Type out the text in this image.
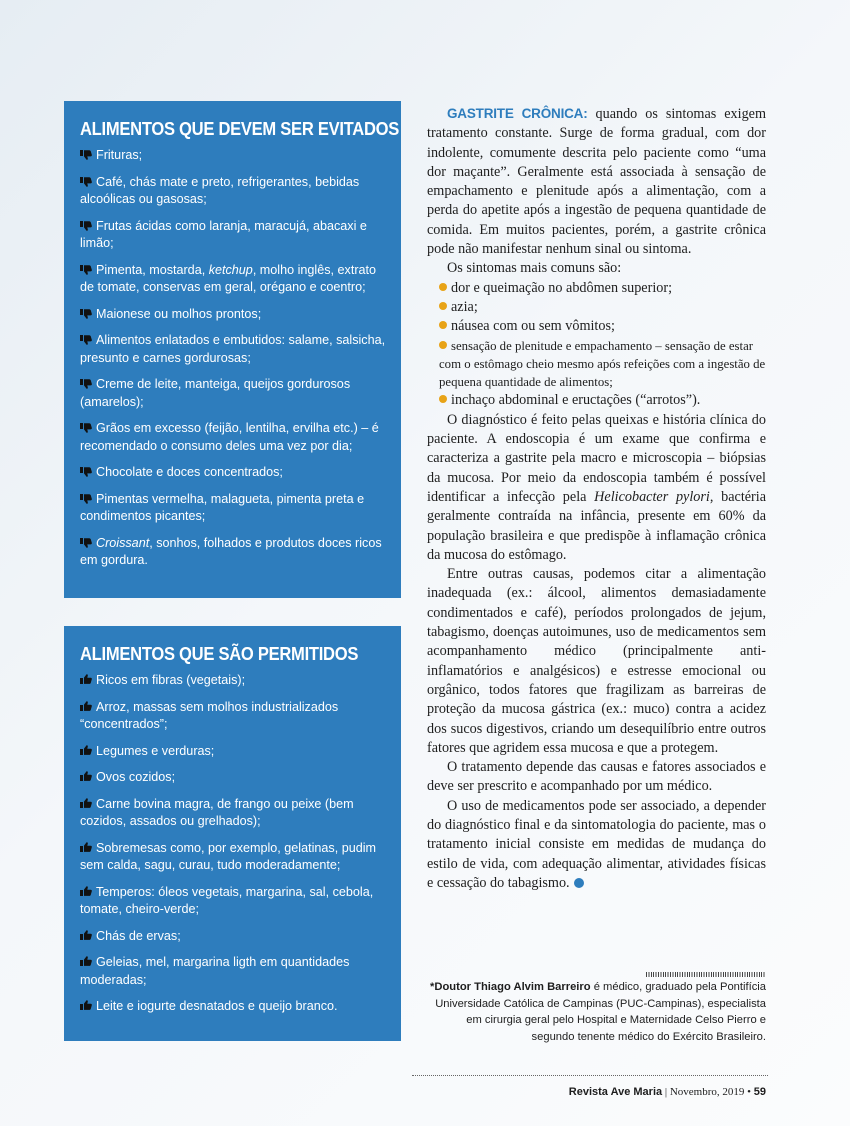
ALIMENTOS QUE DEVEM SER EVITADOS
Frituras;
Café, chás mate e preto, refrigerantes, bebidas alcoólicas ou gasosas;
Frutas ácidas como laranja, maracujá, abacaxi e limão;
Pimenta, mostarda, ketchup, molho inglês, extrato de tomate, conservas em geral, orégano e coentro;
Maionese ou molhos prontos;
Alimentos enlatados e embutidos: salame, salsicha, presunto e carnes gordurosas;
Creme de leite, manteiga, queijos gordurosos (amarelos);
Grãos em excesso (feijão, lentilha, ervilha etc.) – é recomendado o consumo deles uma vez por dia;
Chocolate e doces concentrados;
Pimentas vermelha, malagueta, pimenta preta e condimentos picantes;
Croissant, sonhos, folhados e produtos doces ricos em gordura.
ALIMENTOS QUE SÃO PERMITIDOS
Ricos em fibras (vegetais);
Arroz, massas sem molhos industrializados “concentrados”;
Legumes e verduras;
Ovos cozidos;
Carne bovina magra, de frango ou peixe (bem cozidos, assados ou grelhados);
Sobremesas como, por exemplo, gelatinas, pudim sem calda, sagu, curau, tudo moderadamente;
Temperos: óleos vegetais, margarina, sal, cebola, tomate, cheiro-verde;
Chás de ervas;
Geleias, mel, margarina ligth em quantidades moderadas;
Leite e iogurte desnatados e queijo branco.

GASTRITE CRÔNICA: quando os sintomas exigem tratamento constante. Surge de forma gradual, com dor indolente, comumente descrita pelo paciente como “uma dor maçante”. Geralmente está associada à sensação de empachamento e plenitude após a alimentação, com a perda do apetite após a ingestão de pequena quantidade de comida. Em muitos pacientes, porém, a gastrite crônica pode não manifestar nenhum sinal ou sintoma.

Os sintomas mais comuns são:

dor e queimação no abdômen superior;
azia;
náusea com ou sem vômitos;
sensação de plenitude e empachamento – sensação de estar com o estômago cheio mesmo após refeições com a ingestão de pequena quantidade de alimentos;
inchaço abdominal e eructações (“arrotos”).

O diagnóstico é feito pelas queixas e história clínica do paciente. A endoscopia é um exame que confirma e caracteriza a gastrite pela macro e microscopia – biópsias da mucosa. Por meio da endoscopia também é possível identificar a infecção pela Helicobacter pylori, bactéria geralmente contraída na infância, presente em 60% da população brasileira e que predispõe à inflamação crônica da mucosa do estômago.

Entre outras causas, podemos citar a alimentação inadequada (ex.: álcool, alimentos demasiadamente condimentados e café), períodos prolongados de jejum, tabagismo, doenças autoimunes, uso de medicamentos sem acompanhamento médico (principalmente anti-inflamatórios e analgésicos) e estresse emocional ou orgânico, todos fatores que fragilizam as barreiras de proteção da mucosa gástrica (ex.: muco) contra a acidez dos sucos digestivos, criando um desequilíbrio entre outros fatores que agridem essa mucosa e que a protegem.

O tratamento depende das causas e fatores associados e deve ser prescrito e acompanhado por um médico.

O uso de medicamentos pode ser associado, a depender do diagnóstico final e da sintomatologia do paciente, mas o tratamento inicial consiste em medidas de mudança do estilo de vida, com adequação alimentar, atividades físicas e cessação do tabagismo.

*Doutor Thiago Alvim Barreiro é médico, graduado pela Pontifícia Universidade Católica de Campinas (PUC-Campinas), especialista em cirurgia geral pelo Hospital e Maternidade Celso Pierro e segundo tenente médico do Exército Brasileiro.
Revista Ave Maria | Novembro, 2019 • 59
